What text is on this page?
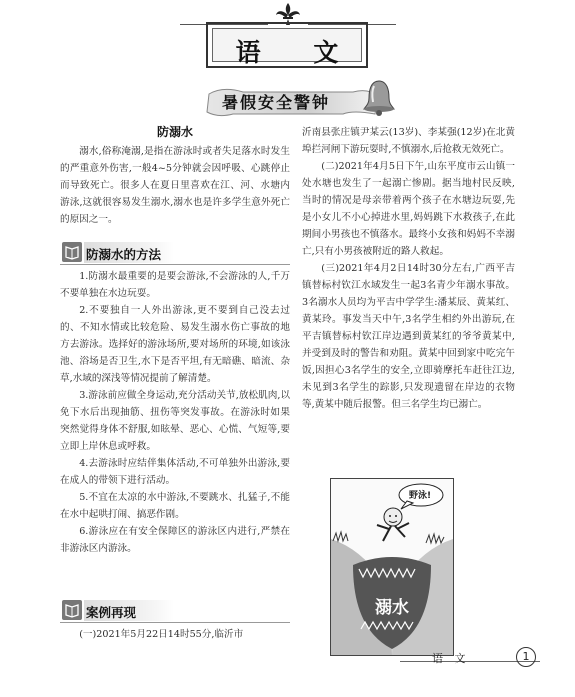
语 文
暑假安全警钟
防溺水

溺水,俗称淹溺,是指在游泳时或者失足落水时发生的严重意外伤害,一般4~5分钟就会因呼吸、心跳停止而导致死亡。很多人在夏日里喜欢在江、河、水塘内游泳,这就很容易发生溺水,溺水也是许多学生意外死亡的原因之一。

防溺水的方法

1.防溺水最重要的是要会游泳,不会游泳的人,千万不要单独在水边玩耍。

2.不要独自一人外出游泳,更不要到自己没去过的、不知水情或比较危险、易发生溺水伤亡事故的地方去游泳。选择好的游泳场所,要对场所的环境,如该泳池、浴场是否卫生,水下是否平坦,有无暗礁、暗流、杂草,水域的深浅等情况提前了解清楚。

3.游泳前应做全身运动,充分活动关节,放松肌肉,以免下水后出现抽筋、扭伤等突发事故。在游泳时如果突然觉得身体不舒服,如眩晕、恶心、心慌、气短等,要立即上岸休息或呼救。

4.去游泳时应结伴集体活动,不可单独外出游泳,要在成人的带领下进行活动。

5.不宜在太凉的水中游泳,不要跳水、扎猛子,不能在水中起哄打闹、搞恶作剧。

6.游泳应在有安全保障区的游泳区内进行,严禁在非游泳区内游泳。

案例再现

(一)2021年5月22日14时55分,临沂市

沂南县张庄镇尹某云(13岁)、李某强(12岁)在北黄埠拦河闸下游玩耍时,不慎溺水,后抢救无效死亡。

(二)2021年4月5日下午,山东平度市云山镇一处水塘也发生了一起溺亡惨剧。据当地村民反映,当时的情况是母亲带着两个孩子在水塘边玩耍,先是小女儿不小心掉进水里,妈妈跳下水救孩子,在此期间小男孩也不慎落水。最终小女孩和妈妈不幸溺亡,只有小男孩被附近的路人救起。

(三)2021年4月2日14时30分左右,广西平吉镇替标村钦江水域发生一起3名青少年溺水事故。3名溺水人员均为平吉中学学生:潘某辰、黄某红、黄某玲。事发当天中午,3名学生相约外出游玩,在平吉镇替标村钦江岸边遇到黄某红的爷爷黄某中,并受到及时的警告和劝阻。黄某中回到家中吃完午饭,因担心3名学生的安全,立即骑摩托车赶往江边,未见到3名学生的踪影,只发现遗留在岸边的衣物等,黄某中随后报警。但三名学生均已溺亡。

野泳!
溺水
语 文	1
